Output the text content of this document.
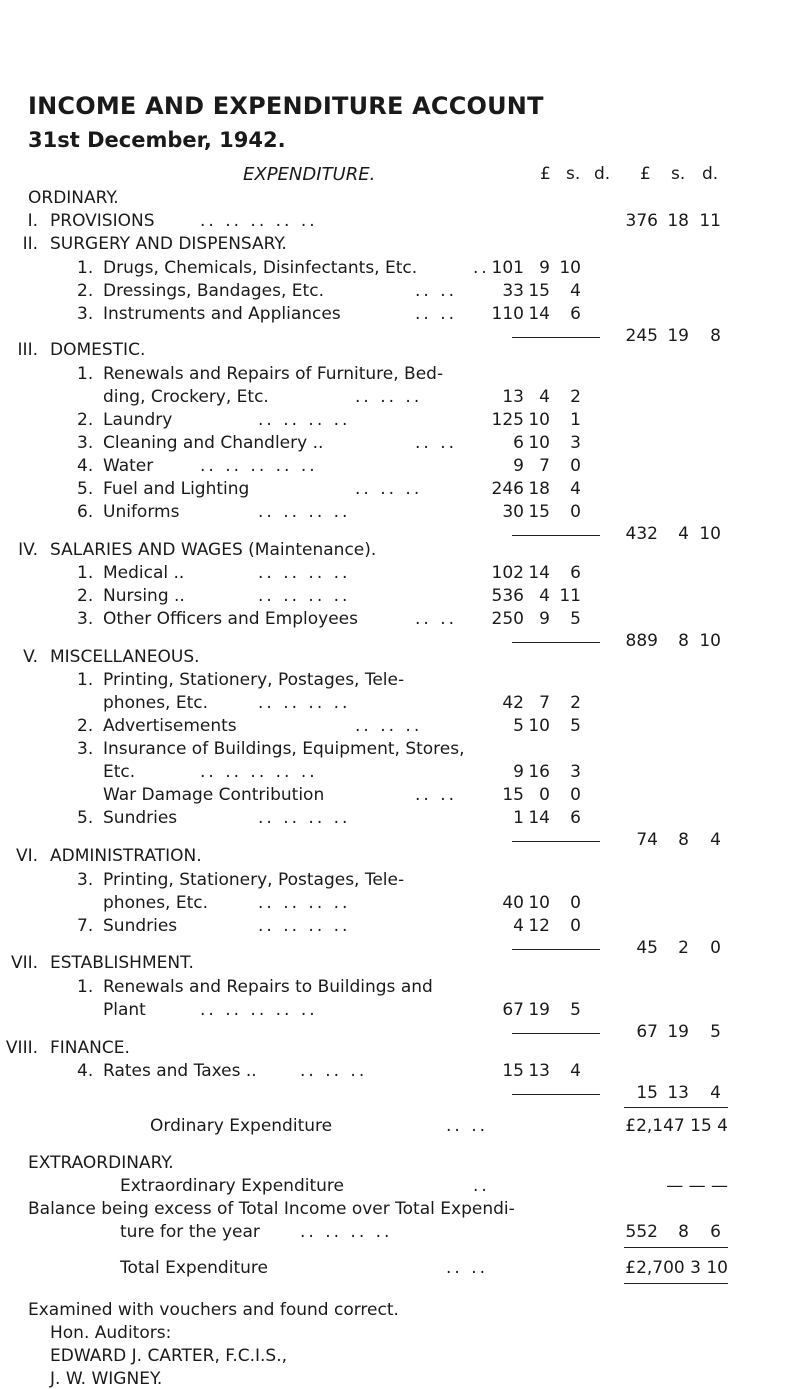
INCOME AND EXPENDITURE ACCOUNT
31st December, 1942.
EXPENDITURE.	£ s. d. £ s. d.
ORDINARY.
I. PROVISIONS	.. .. .. .. ..	376 18 11
II. SURGERY AND DISPENSARY.
1. Drugs, Chemicals, Disinfectants, Etc.	.. 101 9 10
2. Dressings, Bandages, Etc.	.. ..	33 15 4
3. Instruments and Appliances	.. .. 110 14 6
245 19 8
III. DOMESTIC.
1. Renewals and Repairs of Furniture, Bed-
ding, Crockery, Etc.	.. .. ..	13 4 2
2. Laundry	.. .. .. ..	125 10 1
3. Cleaning and Chandlery ..	.. ..	6 10 3
4. Water	.. .. .. .. ..	9 7 0
5. Fuel and Lighting	.. .. ..	246 18 4
6. Uniforms	.. .. .. ..	30 15 0
432 4 10
IV. SALARIES AND WAGES (Maintenance).
1. Medical ..	.. .. .. ..	102 14 6
2. Nursing ..	.. .. .. ..	536 4 11
3. Other Officers and Employees	.. .. 250 9 5
889 8 10
V. MISCELLANEOUS.
1. Printing, Stationery, Postages, Tele-
phones, Etc.	.. .. .. ..	42 7 2
2. Advertisements	.. .. ..	5 10 5
3. Insurance of Buildings, Equipment, Stores,
Etc.	.. .. .. .. ..	9 16 3
War Damage Contribution	.. ..	15 0 0
5. Sundries	.. .. .. ..	1 14 6
74 8 4
VI. ADMINISTRATION.
3. Printing, Stationery, Postages, Tele-
phones, Etc.	.. .. .. ..	40 10 0
7. Sundries	.. .. .. ..	4 12 0
45 2 0
VII. ESTABLISHMENT.
1. Renewals and Repairs to Buildings and
Plant	.. .. .. .. ..	67 19 5
67 19 5
VIII. FINANCE.
4. Rates and Taxes ..	.. .. ..	15 13 4
15 13 4
Ordinary Expenditure	.. ..	£2,147 15 4
EXTRAORDINARY.
Extraordinary Expenditure	..	— — —
Balance being excess of Total Income over Total Expendi-
ture for the year .. .. .. ..	552 8 6
Total Expenditure	.. ..	£2,700 3 10
Examined with vouchers and found correct.
Hon. Auditors:
EDWARD J. CARTER, F.C.I.S.,
J. W. WIGNEY.
